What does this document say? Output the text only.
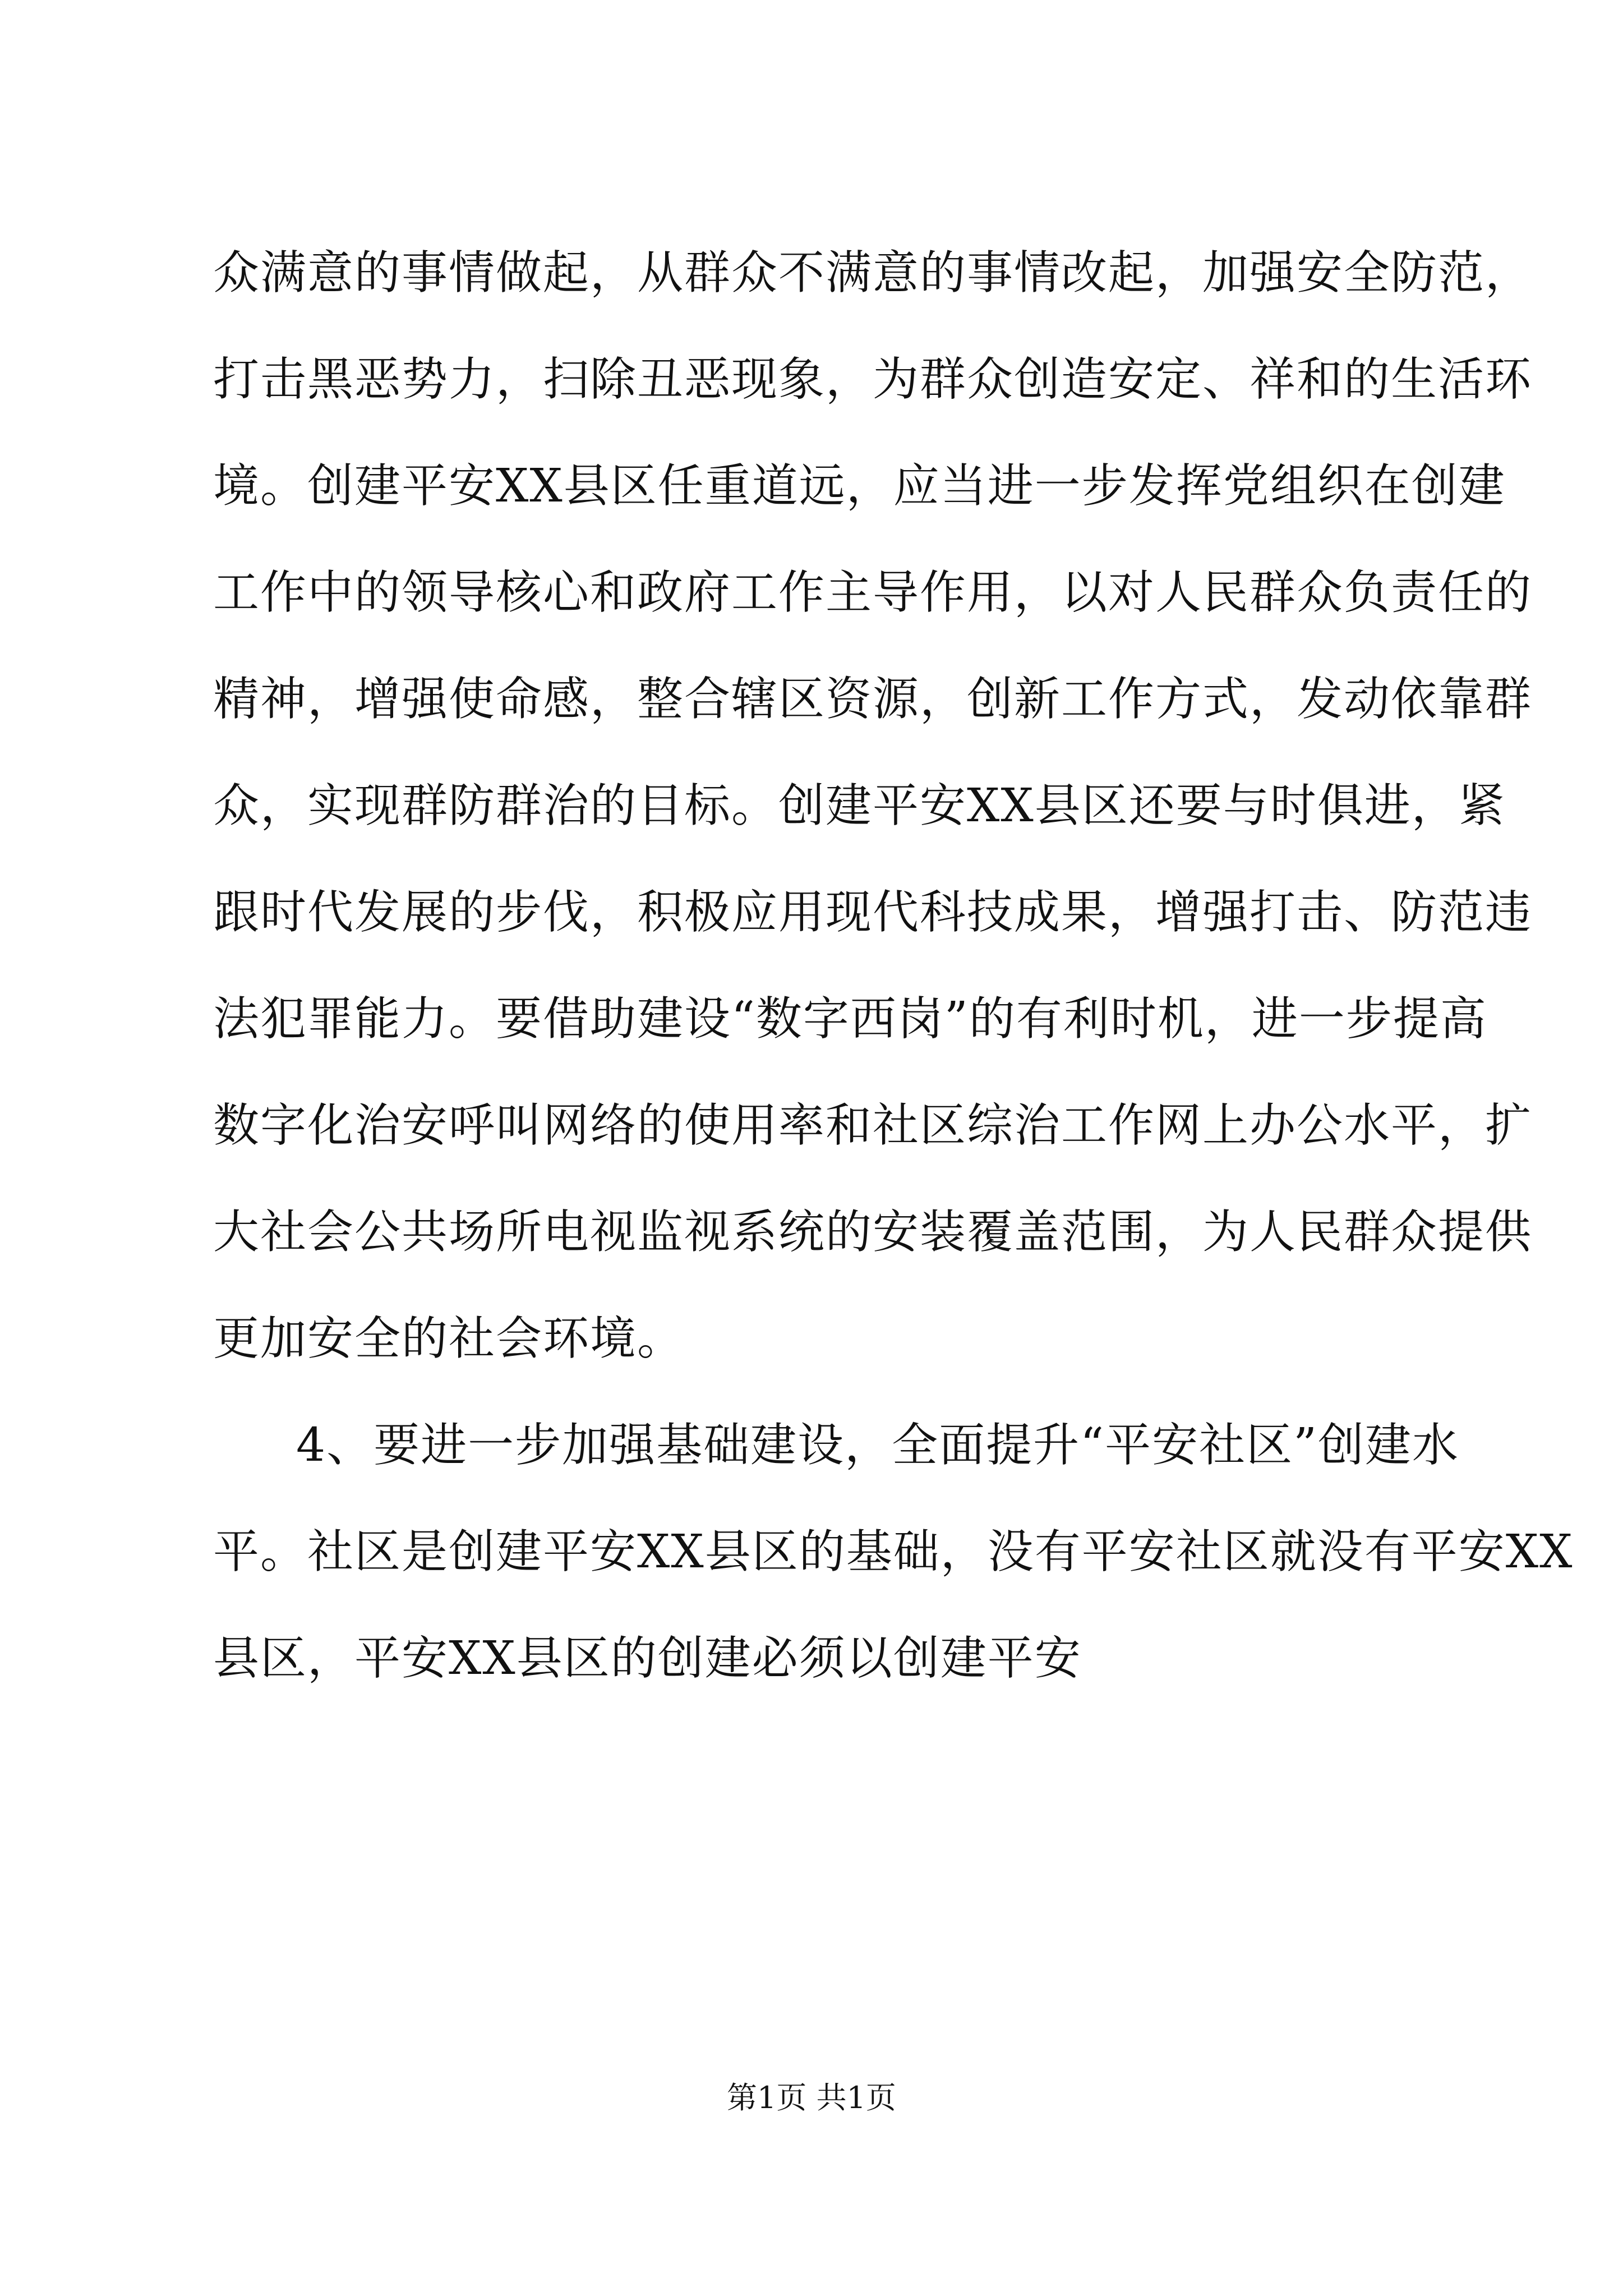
众满意的事情做起，从群众不满意的事情改起，加强安全防范，
打击黑恶势力，扫除丑恶现象，为群众创造安定、祥和的生活环
境。创建平安XX县区任重道远，应当进一步发挥党组织在创建
工作中的领导核心和政府工作主导作用，以对人民群众负责任的
精神，增强使命感，整合辖区资源，创新工作方式，发动依靠群
众，实现群防群治的目标。创建平安XX县区还要与时俱进，紧
跟时代发展的步伐，积极应用现代科技成果，增强打击、防范违
法犯罪能力。要借助建设“数字西岗”的有利时机，进一步提高
数字化治安呼叫网络的使用率和社区综治工作网上办公水平，扩
大社会公共场所电视监视系统的安装覆盖范围，为人民群众提供
更加安全的社会环境。
4、要进一步加强基础建设，全面提升“平安社区”创建水
平。社区是创建平安XX县区的基础，没有平安社区就没有平安XX
县区，平安XX县区的创建必须以创建平安
第1页 共1页
